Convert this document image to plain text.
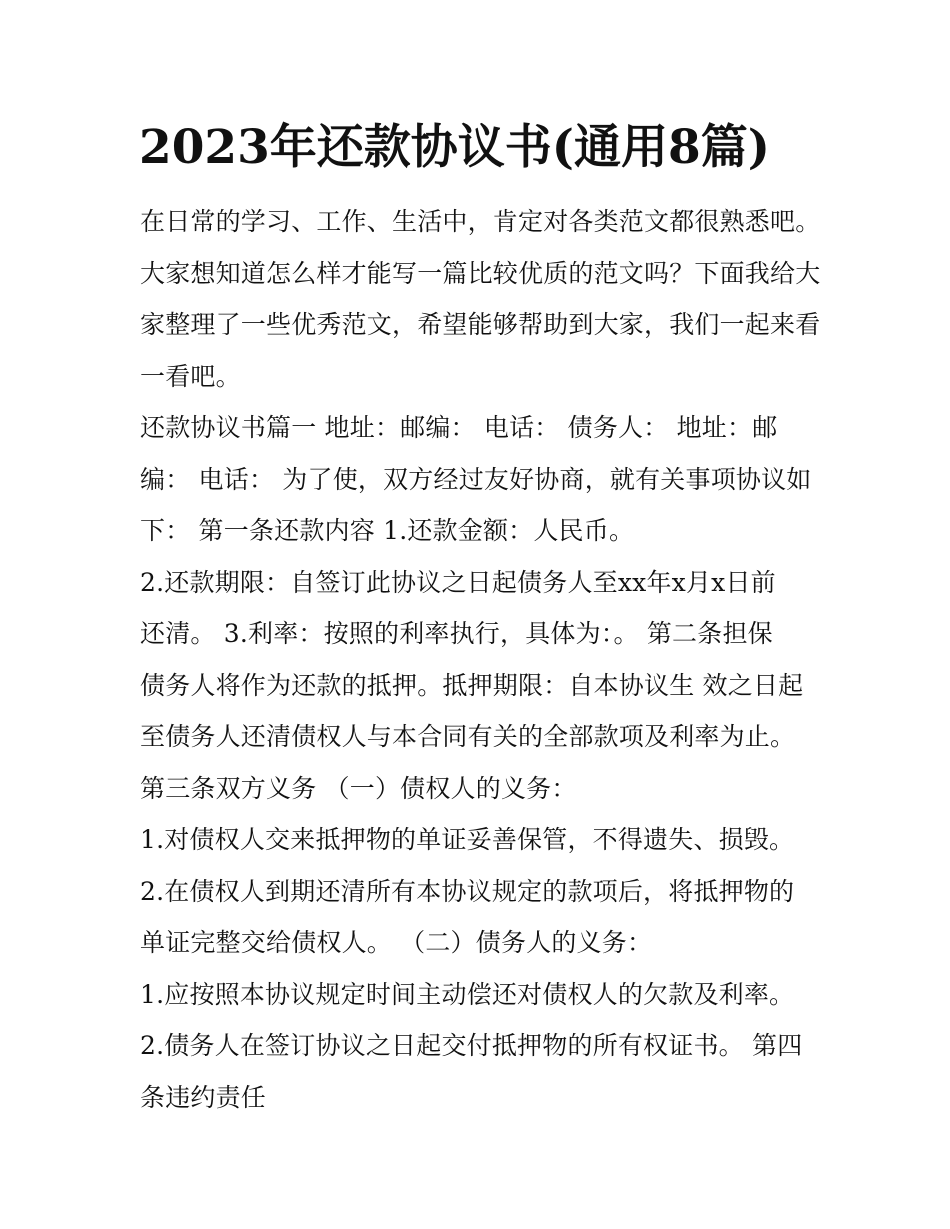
2023年还款协议书(通用8篇)
在日常的学习、工作、生活中，肯定对各类范文都很熟悉吧。
大家想知道怎么样才能写一篇比较优质的范文吗？下面我给大
家整理了一些优秀范文，希望能够帮助到大家，我们一起来看
一看吧。
还款协议书篇一 地址：邮编： 电话： 债务人： 地址：邮
编： 电话： 为了使，双方经过友好协商，就有关事项协议如
下： 第一条还款内容 1.还款金额：人民币。
2.还款期限：自签订此协议之日起债务人至xx年x月x日前
还清。 3.利率：按照的利率执行，具体为：。 第二条担保
债务人将作为还款的抵押。抵押期限：自本协议生 效之日起
至债务人还清债权人与本合同有关的全部款项及利率为止。
第三条双方义务 （一）债权人的义务：
1.对债权人交来抵押物的单证妥善保管，不得遗失、损毁。
2.在债权人到期还清所有本协议规定的款项后，将抵押物的
单证完整交给债权人。 （二）债务人的义务：
1.应按照本协议规定时间主动偿还对债权人的欠款及利率。
2.债务人在签订协议之日起交付抵押物的所有权证书。 第四
条违约责任
